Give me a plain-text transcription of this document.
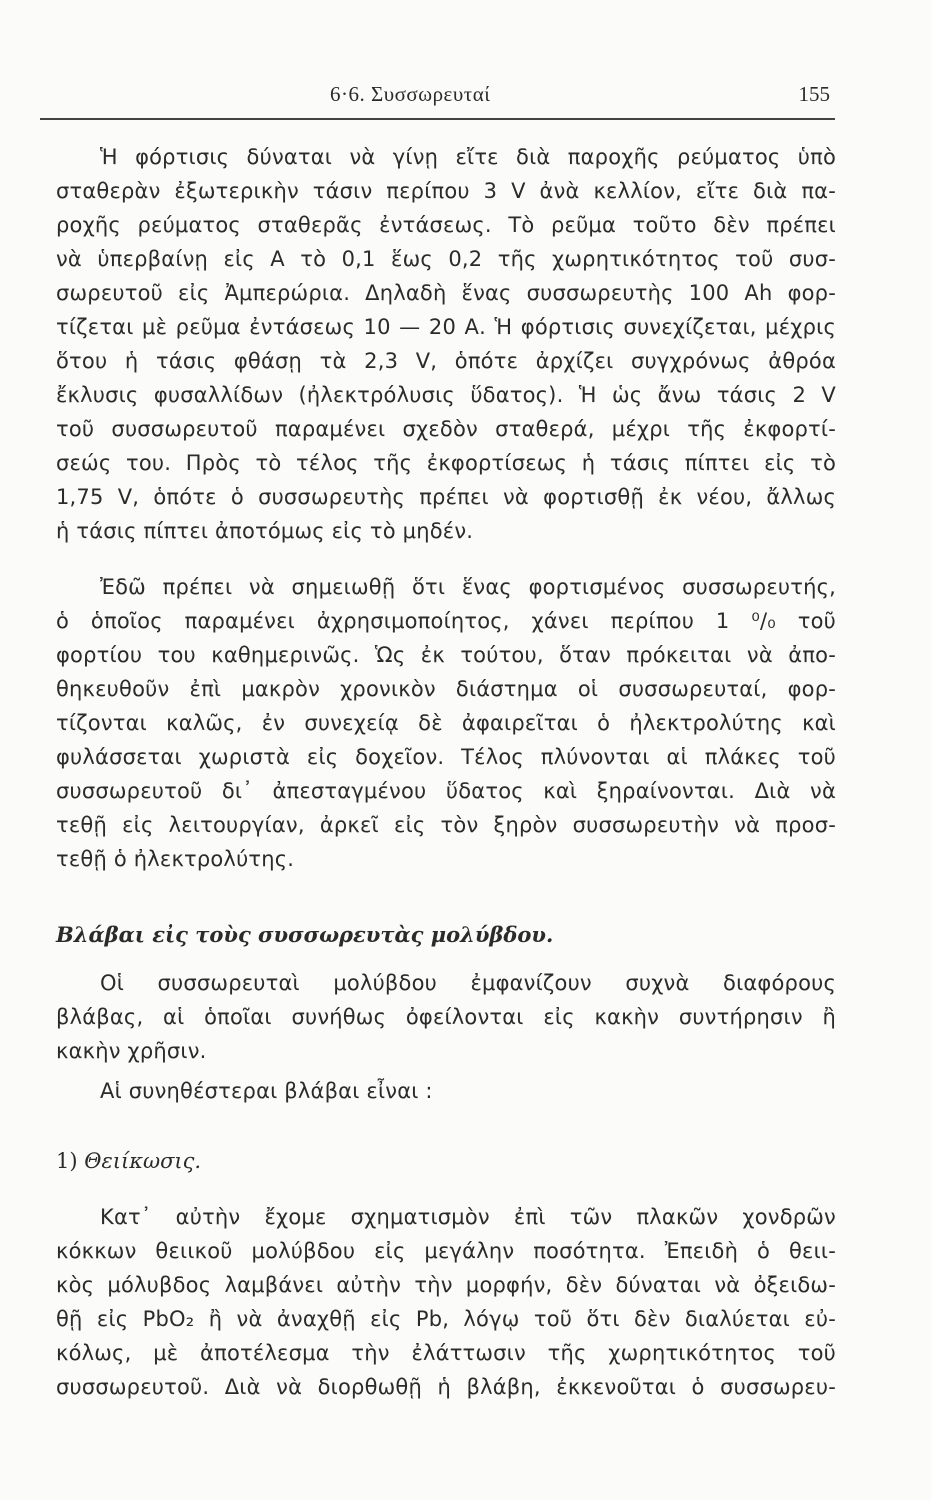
6·6. Συσσωρευταί	155
Ἡ φόρτισις δύναται νὰ γίνῃ εἴτε διὰ παροχῆς ρεύματος ὑπὸ
σταθερὰν ἐξωτερικὴν τάσιν περίπου 3 V ἀνὰ κελλίον, εἴτε διὰ πα-
ροχῆς ρεύματος σταθερᾶς ἐντάσεως. Τὸ ρεῦμα τοῦτο δὲν πρέπει
νὰ ὑπερβαίνῃ εἰς Α τὸ 0,1 ἕως 0,2 τῆς χωρητικότητος τοῦ συσ-
σωρευτοῦ εἰς Ἀμπερώρια. Δηλαδὴ ἕνας συσσωρευτὴς 100 Ah φορ-
τίζεται μὲ ρεῦμα ἐντάσεως 10 — 20 Α. Ἡ φόρτισις συνεχίζεται, μέχρις
ὅτου ἡ τάσις φθάσῃ τὰ 2,3 V, ὁπότε ἀρχίζει συγχρόνως ἀθρόα
ἔκλυσις φυσαλλίδων (ἠλεκτρόλυσις ὕδατος). Ἡ ὡς ἄνω τάσις 2 V
τοῦ συσσωρευτοῦ παραμένει σχεδὸν σταθερά, μέχρι τῆς ἐκφορτί-
σεώς του. Πρὸς τὸ τέλος τῆς ἐκφορτίσεως ἡ τάσις πίπτει εἰς τὸ
1,75 V, ὁπότε ὁ συσσωρευτὴς πρέπει νὰ φορτισθῇ ἐκ νέου, ἄλλως
ἡ τάσις πίπτει ἀποτόμως εἰς τὸ μηδέν.
Ἐδῶ πρέπει νὰ σημειωθῇ ὅτι ἕνας φορτισμένος συσσωρευτής,
ὁ ὁποῖος παραμένει ἀχρησιμοποίητος, χάνει περίπου 1 ⁰/₀ τοῦ
φορτίου του καθημερινῶς. Ὡς ἐκ τούτου, ὅταν πρόκειται νὰ ἀπο-
θηκευθοῦν ἐπὶ μακρὸν χρονικὸν διάστημα οἱ συσσωρευταί, φορ-
τίζονται καλῶς, ἐν συνεχείᾳ δὲ ἀφαιρεῖται ὁ ἠλεκτρολύτης καὶ
φυλάσσεται χωριστὰ εἰς δοχεῖον. Τέλος πλύνονται αἱ πλάκες τοῦ
συσσωρευτοῦ δι᾽ ἀπεσταγμένου ὕδατος καὶ ξηραίνονται. Διὰ νὰ
τεθῇ εἰς λειτουργίαν, ἀρκεῖ εἰς τὸν ξηρὸν συσσωρευτὴν νὰ προσ-
τεθῇ ὁ ἠλεκτρολύτης.
Βλάβαι εἰς τοὺς συσσωρευτὰς μολύβδου.
Οἱ συσσωρευταὶ μολύβδου ἐμφανίζουν συχνὰ διαφόρους
βλάβας, αἱ ὁποῖαι συνήθως ὀφείλονται εἰς κακὴν συντήρησιν ἢ
κακὴν χρῆσιν.
Αἱ συνηθέστεραι βλάβαι εἶναι :
1) Θειίκωσις.
Κατ᾽ αὐτὴν ἔχομε σχηματισμὸν ἐπὶ τῶν πλακῶν χονδρῶν
κόκκων θειικοῦ μολύβδου εἰς μεγάλην ποσότητα. Ἐπειδὴ ὁ θειι-
κὸς μόλυβδος λαμβάνει αὐτὴν τὴν μορφήν, δὲν δύναται νὰ ὀξειδω-
θῇ εἰς PbO₂ ἢ νὰ ἀναχθῇ εἰς Pb, λόγῳ τοῦ ὅτι δὲν διαλύεται εὐ-
κόλως, μὲ ἀποτέλεσμα τὴν ἐλάττωσιν τῆς χωρητικότητος τοῦ
συσσωρευτοῦ. Διὰ νὰ διορθωθῇ ἡ βλάβη, ἐκκενοῦται ὁ συσσωρευ-
